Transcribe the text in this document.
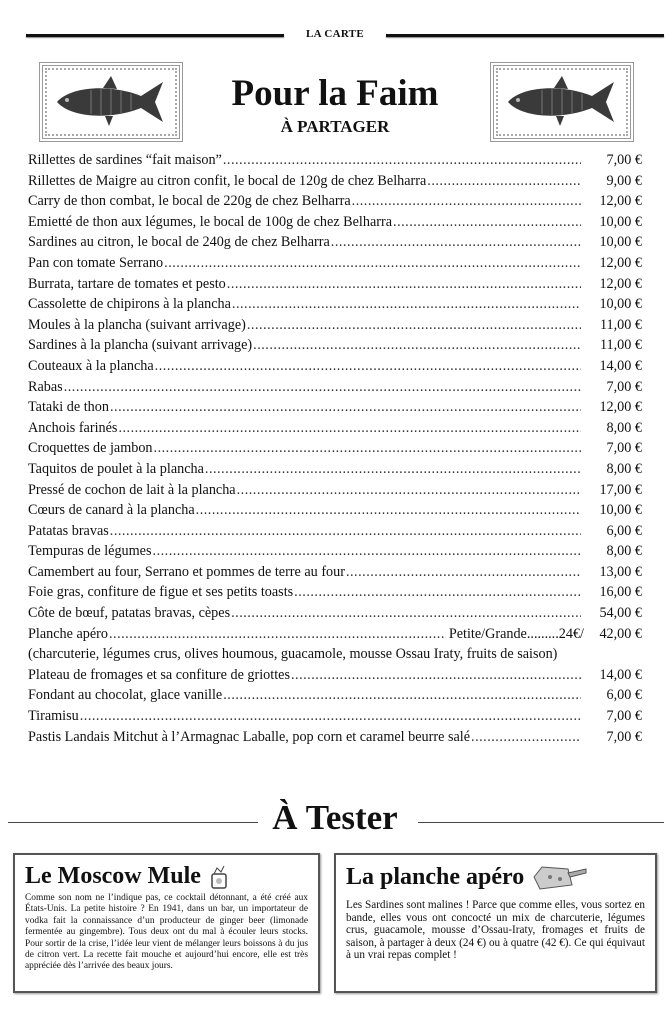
LA CARTE
Pour la Faim
À PARTAGER
Rillettes de sardines “fait maison” .....	7,00 €
Rillettes de Maigre au citron confit, le bocal de 120g de chez Belharra .....	9,00 €
Carry de thon combat, le bocal de 220g de chez Belharra .....	12,00 €
Emietté de thon aux légumes, le bocal de 100g de chez Belharra .....	10,00 €
Sardines au citron, le bocal de 240g de chez Belharra .....	10,00 €
Pan con tomate Serrano .....	12,00 €
Burrata, tartare de tomates et pesto .....	12,00 €
Cassolette de chipirons à la plancha .....	10,00 €
Moules à la plancha (suivant arrivage) .....	11,00 €
Sardines à la plancha (suivant arrivage) .....	11,00 €
Couteaux à la plancha .....	14,00 €
Rabas .....	7,00 €
Tataki de thon .....	12,00 €
Anchois farinés .....	8,00 €
Croquettes de jambon .....	7,00 €
Taquitos de poulet à la plancha .....	8,00 €
Pressé de cochon de lait à la plancha .....	17,00 €
Cœurs de canard à la plancha .....	10,00 €
Patatas bravas .....	6,00 €
Tempuras de légumes .....	8,00 €
Camembert au four, Serrano et pommes de terre au four .....	13,00 €
Foie gras, confiture de figue et ses petits toasts .....	16,00 €
Côte de bœuf, patatas bravas, cèpes .....	54,00 €
Planche apéro .....	Petite/Grande.........24€/	42,00 €
(charcuterie, légumes crus, olives houmous, guacamole, mousse Ossau Iraty, fruits de saison)
Plateau de fromages et sa confiture de griottes .....	14,00 €
Fondant au chocolat, glace vanille .....	6,00 €
Tiramisu .....	7,00 €
Pastis Landais Mitchut à l’Armagnac Laballe, pop corn et caramel beurre salé .....	7,00 €
À Tester
Le Moscow Mule

Comme son nom ne l’indique pas, ce cocktail détonnant, a été créé aux États-Unis. La petite histoire ? En 1941, dans un bar, un importateur de vodka fait la connaissance d’un producteur de ginger beer (limonade fermentée au gingembre). Tous deux ont du mal à écouler leurs stocks. Pour sortir de la crise, l’idée leur vient de mélanger leurs boissons à du jus de citron vert. La recette fait mouche et aujourd’hui encore, elle est très appréciée dès l’arrivée des beaux jours.

La planche apéro

Les Sardines sont malines ! Parce que comme elles, vous sortez en bande, elles vous ont concocté un mix de charcuterie, légumes crus, guacamole, mousse d’Ossau-Iraty, fromages et fruits de saison, à partager à deux (24 €) ou à quatre (42 €). Ce qui équivaut à un vrai repas complet !
